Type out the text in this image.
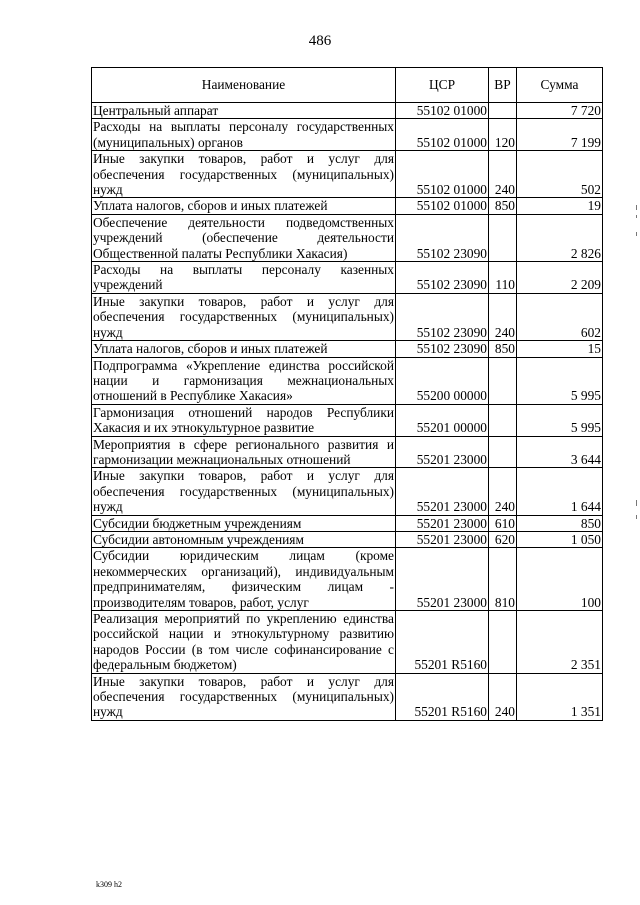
486
Наименование	ЦСР	ВР	Сумма
Центральный аппарат	55102 01000		7 720
Расходы на выплаты персоналу государственных (муниципальных) органов	55102 01000	120	7 199
Иные закупки товаров, работ и услуг для обеспечения государственных (муниципальных) нужд	55102 01000	240	502
Уплата налогов, сборов и иных платежей	55102 01000	850	19
Обеспечение деятельности подведомственных учреждений (обеспечение деятельности Общественной палаты Республики Хакасия)	55102 23090		2 826
Расходы на выплаты персоналу казенных учреждений	55102 23090	110	2 209
Иные закупки товаров, работ и услуг для обеспечения государственных (муниципальных) нужд	55102 23090	240	602
Уплата налогов, сборов и иных платежей	55102 23090	850	15
Подпрограмма «Укрепление единства российской нации и гармонизация межнациональных отношений в Республике Хакасия»	55200 00000		5 995
Гармонизация отношений народов Республики Хакасия и их этнокультурное развитие	55201 00000		5 995
Мероприятия в сфере регионального развития и гармонизации межнациональных отношений	55201 23000		3 644
Иные закупки товаров, работ и услуг для обеспечения государственных (муниципальных) нужд	55201 23000	240	1 644
Субсидии бюджетным учреждениям	55201 23000	610	850
Субсидии автономным учреждениям	55201 23000	620	1 050
Субсидии юридическим лицам (кроме некоммерческих организаций), индивидуальным предпринимателям, физическим лицам - производителям товаров, работ, услуг	55201 23000	810	100
Реализация мероприятий по укреплению единства российской нации и этнокультурному развитию народов России (в том числе софинансирование с федеральным бюджетом)	55201 R5160		2 351
Иные закупки товаров, работ и услуг для обеспечения государственных (муниципальных) нужд	55201 R5160	240	1 351
k309 h2
